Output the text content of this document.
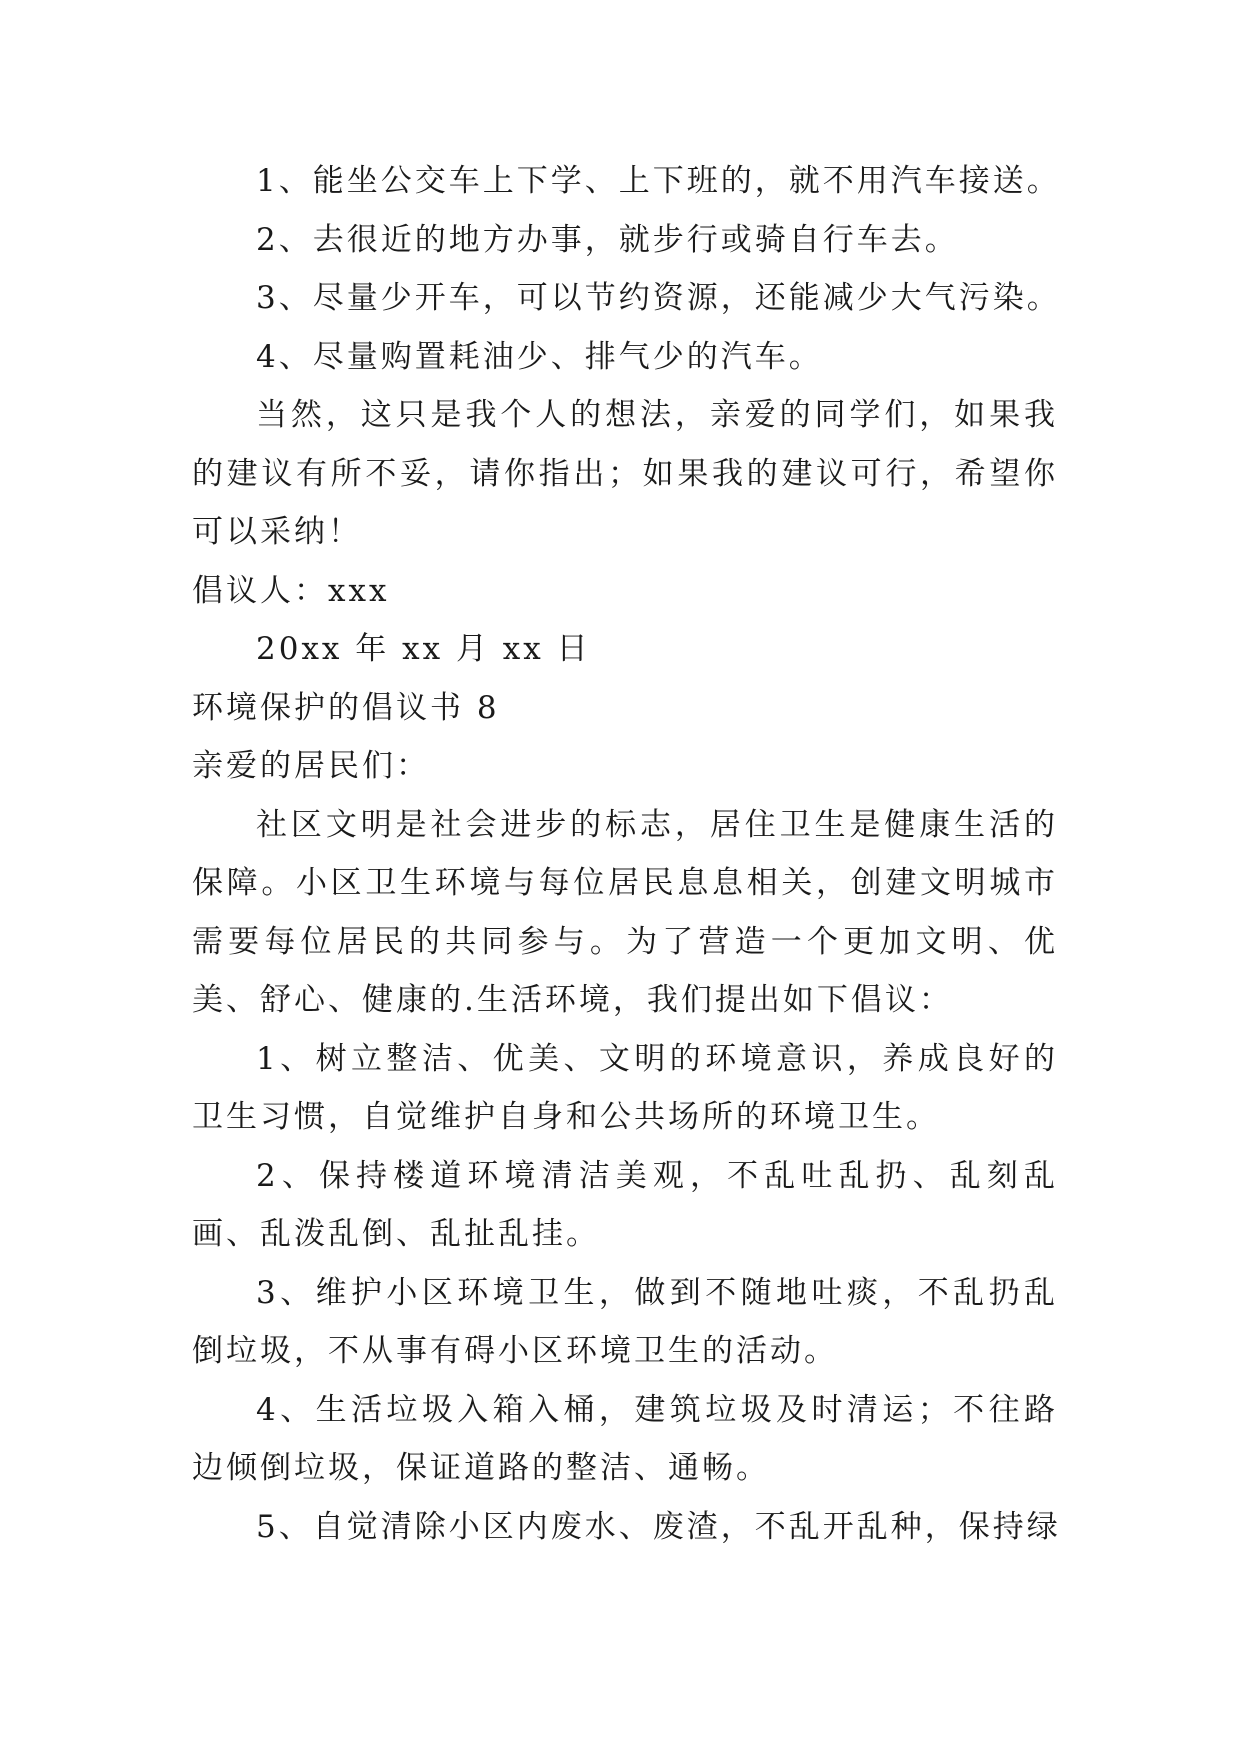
1、能坐公交车上下学、上下班的，就不用汽车接送。
2、去很近的地方办事，就步行或骑自行车去。
3、尽量少开车，可以节约资源，还能减少大气污染。
4、尽量购置耗油少、排气少的汽车。
当然，这只是我个人的想法，亲爱的同学们，如果我的建议有所不妥，请你指出；如果我的建议可行，希望你可以采纳！
倡议人：xxx
20xx 年 xx 月 xx 日
环境保护的倡议书 8
亲爱的居民们：
社区文明是社会进步的标志，居住卫生是健康生活的保障。小区卫生环境与每位居民息息相关，创建文明城市需要每位居民的共同参与。为了营造一个更加文明、优美、舒心、健康的.生活环境，我们提出如下倡议：
1、树立整洁、优美、文明的环境意识，养成良好的卫生习惯，自觉维护自身和公共场所的环境卫生。
2、保持楼道环境清洁美观，不乱吐乱扔、乱刻乱画、乱泼乱倒、乱扯乱挂。
3、维护小区环境卫生，做到不随地吐痰，不乱扔乱倒垃圾，不从事有碍小区环境卫生的活动。
4、生活垃圾入箱入桶，建筑垃圾及时清运；不往路边倾倒垃圾，保证道路的整洁、通畅。
5、自觉清除小区内废水、废渣，不乱开乱种，保持绿
